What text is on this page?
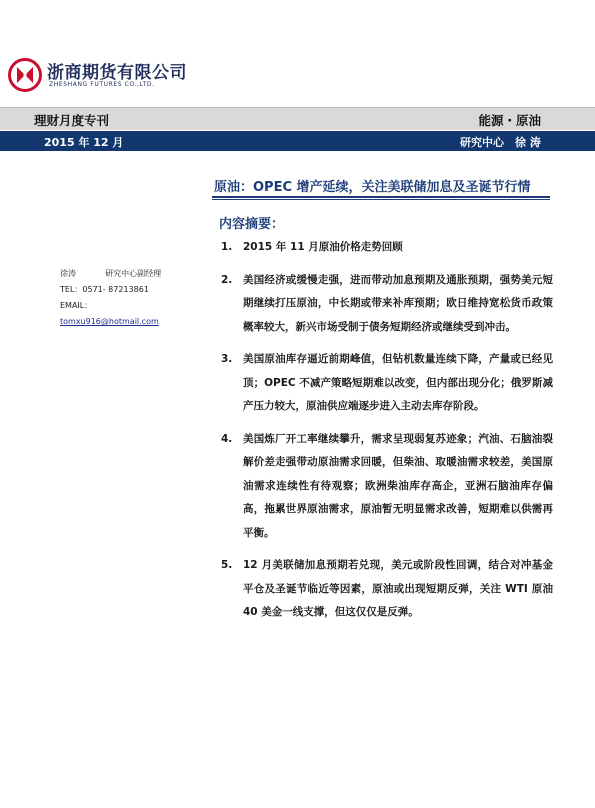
浙商期货有限公司
ZHESHANG FUTURES CO.,LTD.
理财月度专刊	能源・原油
2015 年 12 月	研究中心　徐 涛
原油：OPEC 增产延续，关注美联储加息及圣诞节行情
内容摘要：
徐涛	研究中心副经理
TEL：0571- 87213861
EMAIL：
tomxu916@hotmail.com
1. 2015 年 11 月原油价格走势回顾
2. 美国经济或缓慢走强，进而带动加息预期及通胀预期，强势美元短期继续打压原油，中长期或带来补库预期；欧日维持宽松货币政策概率较大，新兴市场受制于债务短期经济或继续受到冲击。
3. 美国原油库存逼近前期峰值，但钻机数量连续下降，产量或已经见顶；OPEC 不减产策略短期难以改变，但内部出现分化；俄罗斯减产压力较大，原油供应端逐步进入主动去库存阶段。
4. 美国炼厂开工率继续攀升，需求呈现弱复苏迹象；汽油、石脑油裂解价差走强带动原油需求回暖，但柴油、取暖油需求较差，美国原油需求连续性有待观察；欧洲柴油库存高企，亚洲石脑油库存偏高，拖累世界原油需求，原油暂无明显需求改善，短期难以供需再平衡。
5. 12 月美联储加息预期若兑现，美元或阶段性回调，结合对冲基金平仓及圣诞节临近等因素，原油或出现短期反弹，关注 WTI 原油 40 美金一线支撑，但这仅仅是反弹。
